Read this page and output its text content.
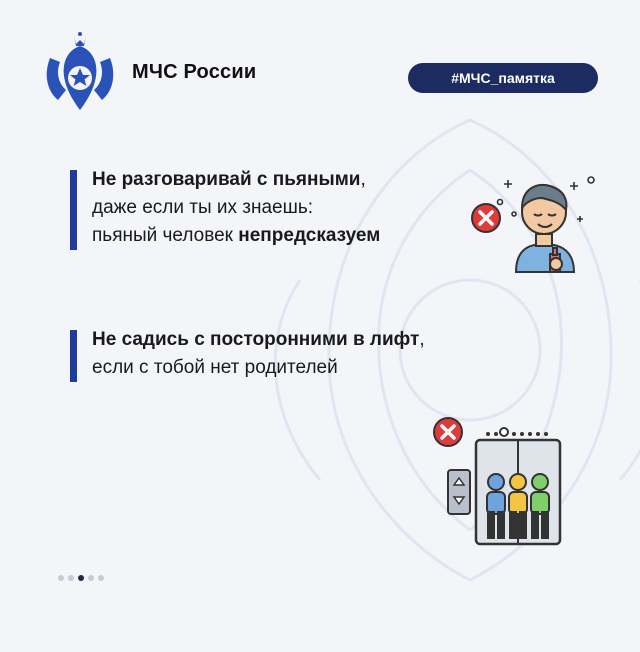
МЧС России	#МЧС_памятка
Не разговаривай с пьяными,
даже если ты их знаешь:
пьяный человек непредсказуем
Не садись с посторонними в лифт,
если с тобой нет родителей
